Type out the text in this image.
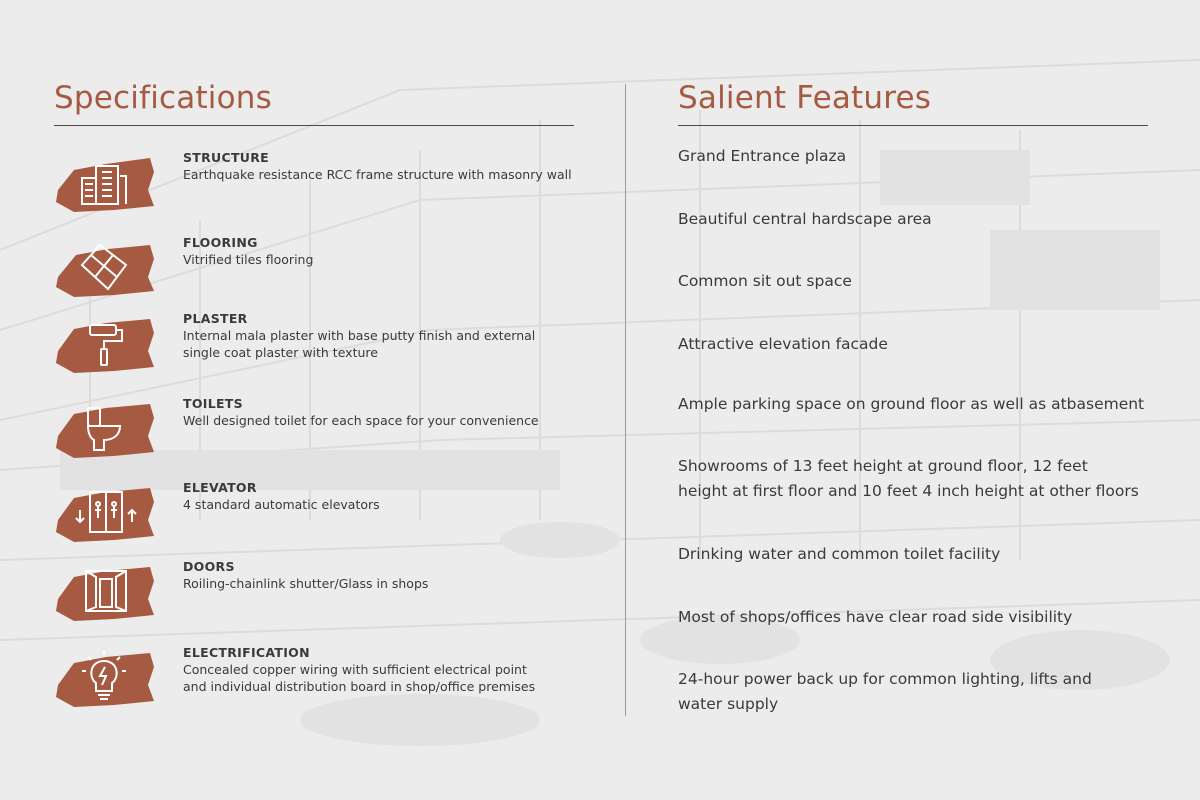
Specifications
STRUCTURE
Earthquake resistance RCC frame structure with masonry wall
FLOORING
Vitrified tiles flooring
PLASTER
Internal mala plaster with base putty finish and external
single coat plaster with texture
TOILETS
Well designed toilet for each space for your convenience
ELEVATOR
4 standard automatic elevators
DOORS
Roiling-chainlink shutter/Glass in shops
ELECTRIFICATION
Concealed copper wiring with sufficient electrical point
and individual distribution board in shop/office premises
Salient Features
Grand Entrance plaza
Beautiful central hardscape area
Common sit out space
Attractive elevation facade
Ample parking space on ground floor as well as atbasement
Showrooms of 13 feet height at ground floor, 12 feet
height at first floor and 10 feet 4 inch height at other floors
Drinking water and common toilet facility
Most of shops/offices have clear road side visibility
24-hour power back up for common lighting, lifts and
water supply
